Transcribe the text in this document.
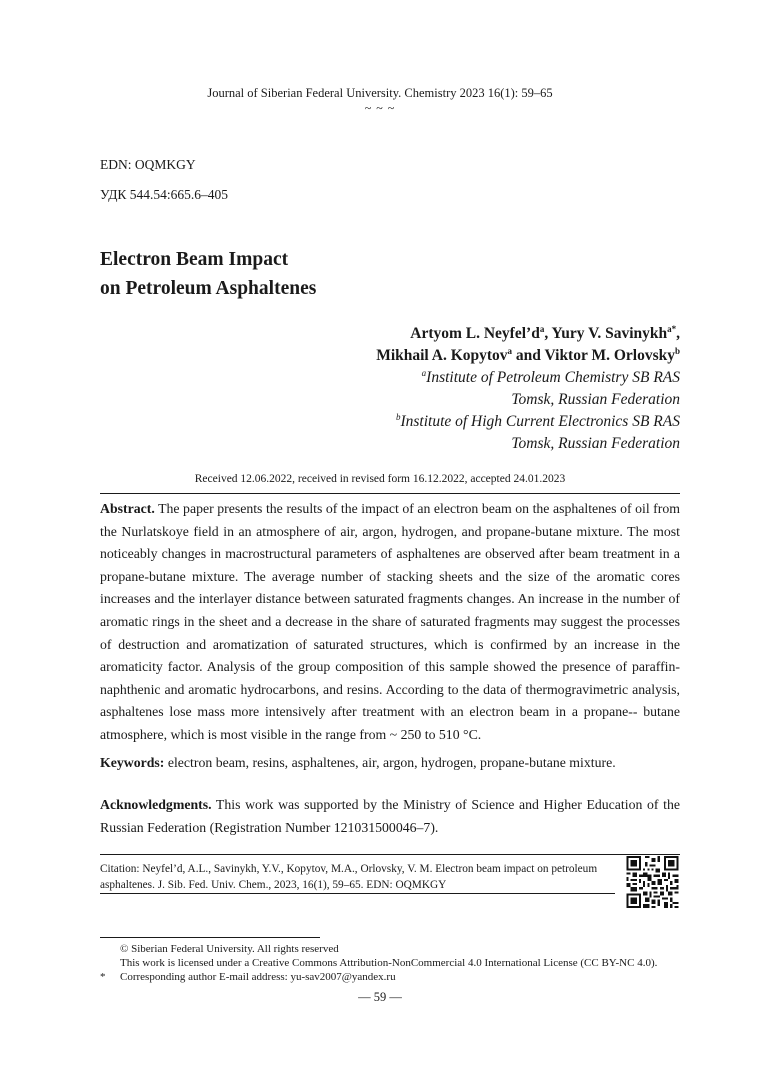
Journal of Siberian Federal University. Chemistry 2023 16(1): 59–65
~ ~ ~
EDN: OQMKGY
УДК 544.54:665.6–405
Electron Beam Impact
on Petroleum Asphaltenes
Artyom L. $Neyfel’d^a$, Yury V. Savinykh$^{a*}$,
Mikhail A. Kopytov$^a$ and Viktor M. Orlovsky$^b$
$^a$Institute of Petroleum Chemistry SB RAS
Tomsk, Russian Federation
$^b$Institute of High Current Electronics SB RAS
Tomsk, Russian Federation
Received 12.06.2022, received in revised form 16.12.2022, accepted 24.01.2023
Abstract. The paper presents the results of the impact of an electron beam on the asphaltenes of oil from the Nurlatskoye field in an atmosphere of air, argon, hydrogen, and propane-butane mixture. The most noticeably changes in macrostructural parameters of asphaltenes are observed after beam treatment in a propane-butane mixture. The average number of stacking sheets and the size of the aromatic cores increases and the interlayer distance between saturated fragments changes. An increase in the number of aromatic rings in the sheet and a decrease in the share of saturated fragments may suggest the processes of destruction and aromatization of saturated structures, which is confirmed by an increase in the aromaticity factor. Analysis of the group composition of this sample showed the presence of paraffin-naphthenic and aromatic hydrocarbons, and resins. According to the data of thermogravimetric analysis, asphaltenes lose mass more intensively after treatment with an electron beam in a propane-- butane atmosphere, which is most visible in the range from ~ 250 to 510 °C.
Keywords: electron beam, resins, asphaltenes, air, argon, hydrogen, propane-butane mixture.
Acknowledgments. This work was supported by the Ministry of Science and Higher Education of the Russian Federation (Registration Number 121031500046–7).
Citation: Neyfel’d, A.L., Savinykh, Y.V., Kopytov, M.A., Orlovsky, V. M. Electron beam impact on petroleum asphaltenes. J. Sib. Fed. Univ. Chem., 2023, 16(1), 59–65. EDN: OQMKGY
© Siberian Federal University. All rights reserved
This work is licensed under a Creative Commons Attribution-NonCommercial 4.0 International License (CC BY-NC 4.0).
* Corresponding author E-mail address: yu-sav2007@yandex.ru
— 59 —
